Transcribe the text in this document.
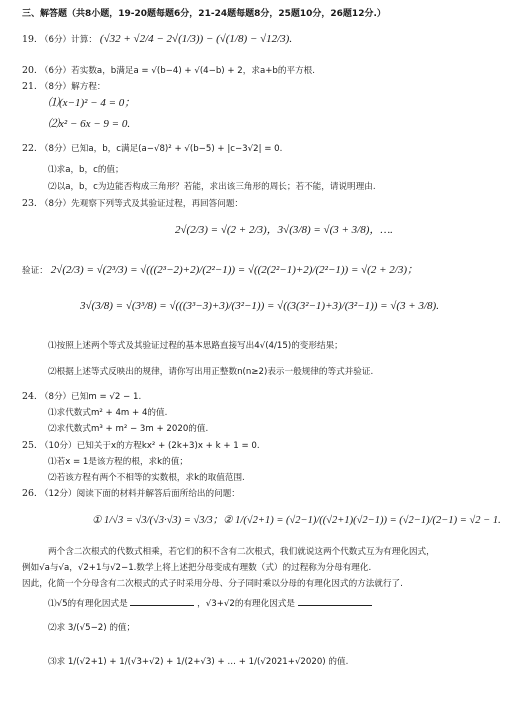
三、解答题（共8小题，19-20题每题6分，21-24题每题8分，25题10分，26题12分.）
19. （6分）计算： (√32 + √2/4 − 2√(1/3)) − (√(1/8) − √12/3).
20. （6分）若实数a，b满足a = √(b−4) + √(4−b) + 2，求a+b的平方根.
21. （8分）解方程：
⑴(x−1)² − 4 = 0；
⑵x² − 6x − 9 = 0.
22. （8分）已知a，b，c满足(a−√8)² + √(b−5) + |c−3√2| = 0.
⑴求a，b，c的值；
⑵以a，b，c为边能否构成三角形？若能，求出该三角形的周长；若不能，请说明理由.
23. （8分）先观察下列等式及其验证过程，再回答问题：
2√(2/3) = √(2 + 2/3)，3√(3/8) = √(3 + 3/8)，….
验证： 2√(2/3) = √(2³/3) = √(((2³−2)+2)/(2²−1)) = √((2(2²−1)+2)/(2²−1)) = √(2 + 2/3)；
3√(3/8) = √(3³/8) = √(((3³−3)+3)/(3²−1)) = √((3(3²−1)+3)/(3²−1)) = √(3 + 3/8).
⑴按照上述两个等式及其验证过程的基本思路直接写出4√(4/15)的变形结果；
⑵根据上述等式反映出的规律，请你写出用正整数n(n≥2)表示一般规律的等式并验证.
24. （8分）已知m = √2 − 1.
⑴求代数式m² + 4m + 4的值.
⑵求代数式m³ + m² − 3m + 2020的值.
25. （10分）已知关于x的方程kx² + (2k+3)x + k + 1 = 0.
⑴若x = 1是该方程的根，求k的值；
⑵若该方程有两个不相等的实数根，求k的取值范围.
26. （12分）阅读下面的材料并解答后面所给出的问题：
① 1/√3 = √3/(√3·√3) = √3/3；② 1/(√2+1) = (√2−1)/((√2+1)(√2−1)) = (√2−1)/(2−1) = √2 − 1.
两个含二次根式的代数式相乘，若它们的积不含有二次根式，我们就说这两个代数式互为有理化因式，
例如√a与√a，√2+1与√2−1.数学上将上述把分母变成有理数（式）的过程称为分母有理化.
因此，化简一个分母含有二次根式的式子时采用分母、分子同时乘以分母的有理化因式的方法就行了.
⑴√5的有理化因式是	，√3+√2的有理化因式是
⑵求 3/(√5−2) 的值；
⑶求 1/(√2+1) + 1/(√3+√2) + 1/(2+√3) + … + 1/(√2021+√2020) 的值.
